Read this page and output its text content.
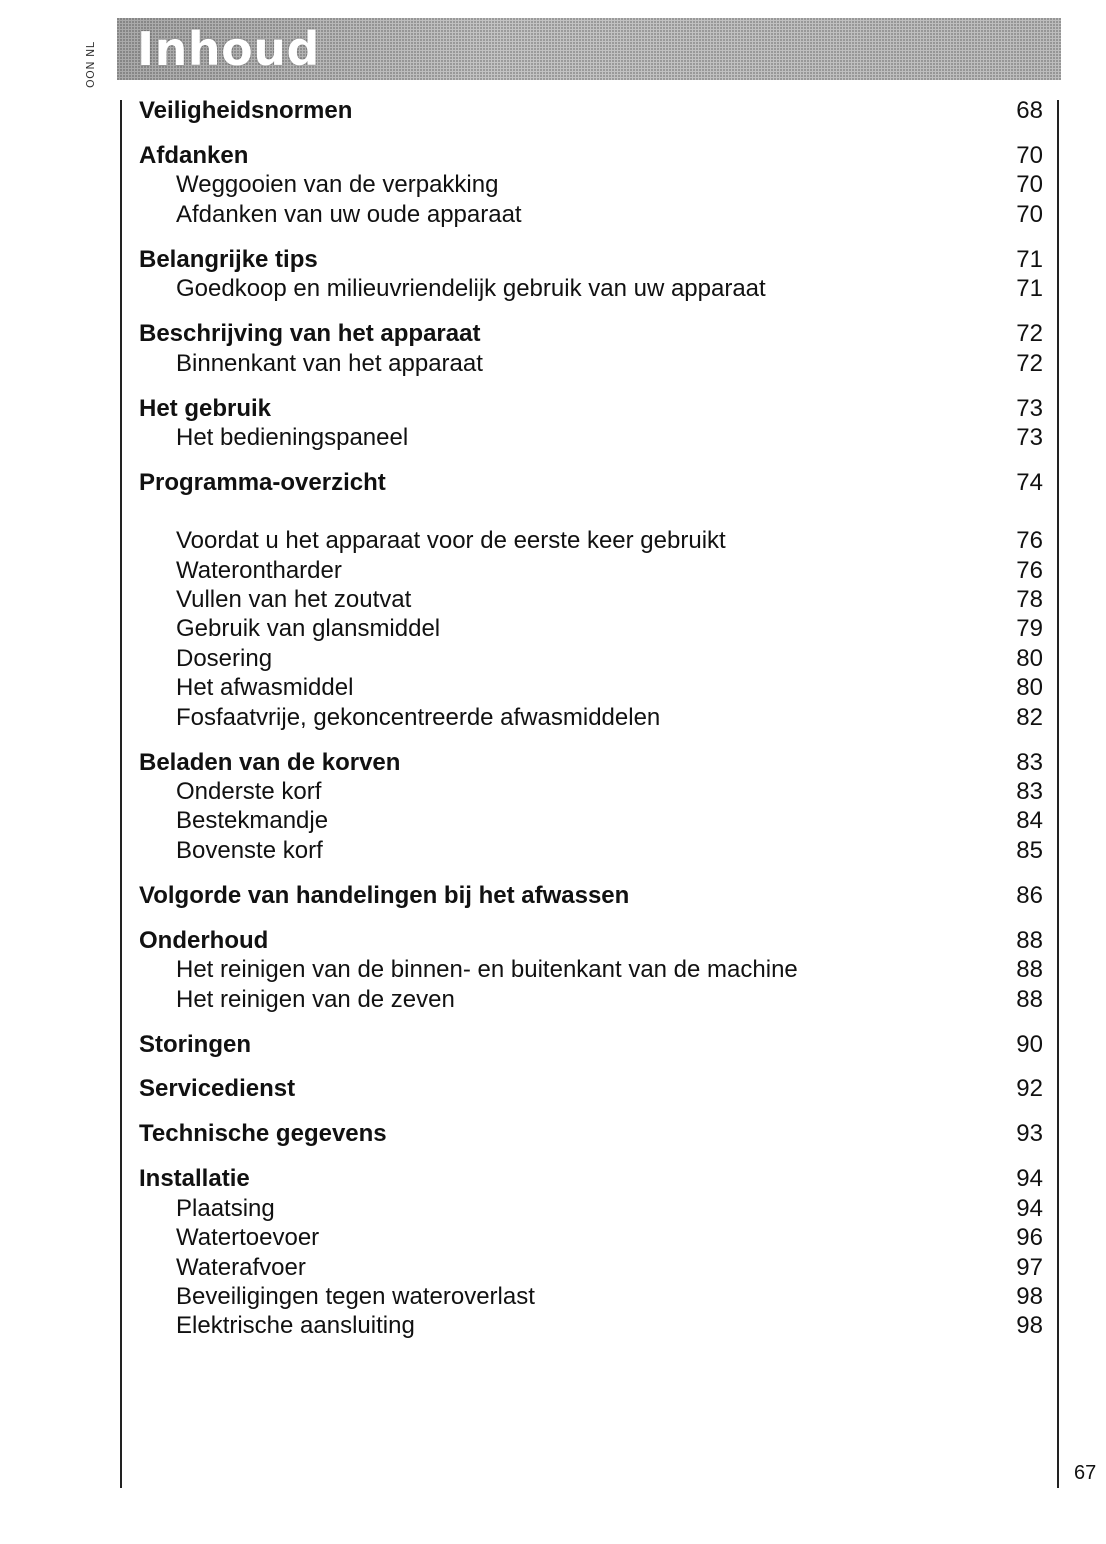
OON NL Inhoud
Veiligheidsnormen	68
Afdanken	70
Weggooien van de verpakking	70
Afdanken van uw oude apparaat	70
Belangrijke tips	71
Goedkoop en milieuvriendelijk gebruik van uw apparaat	71
Beschrijving van het apparaat	72
Binnenkant van het apparaat	72
Het gebruik	73
Het bedieningspaneel	73
Programma-overzicht	74
Voordat u het apparaat voor de eerste keer gebruikt	76
Waterontharder	76
Vullen van het zoutvat	78
Gebruik van glansmiddel	79
Dosering	80
Het afwasmiddel	80
Fosfaatvrije, gekoncentreerde afwasmiddelen	82
Beladen van de korven	83
Onderste korf	83
Bestekmandje	84
Bovenste korf	85
Volgorde van handelingen bij het afwassen	86
Onderhoud	88
Het reinigen van de binnen- en buitenkant van de machine	88
Het reinigen van de zeven	88
Storingen	90
Servicedienst	92
Technische gegevens	93
Installatie	94
Plaatsing	94
Watertoevoer	96
Waterafvoer	97
Beveiligingen tegen wateroverlast	98
Elektrische aansluiting	98
67
